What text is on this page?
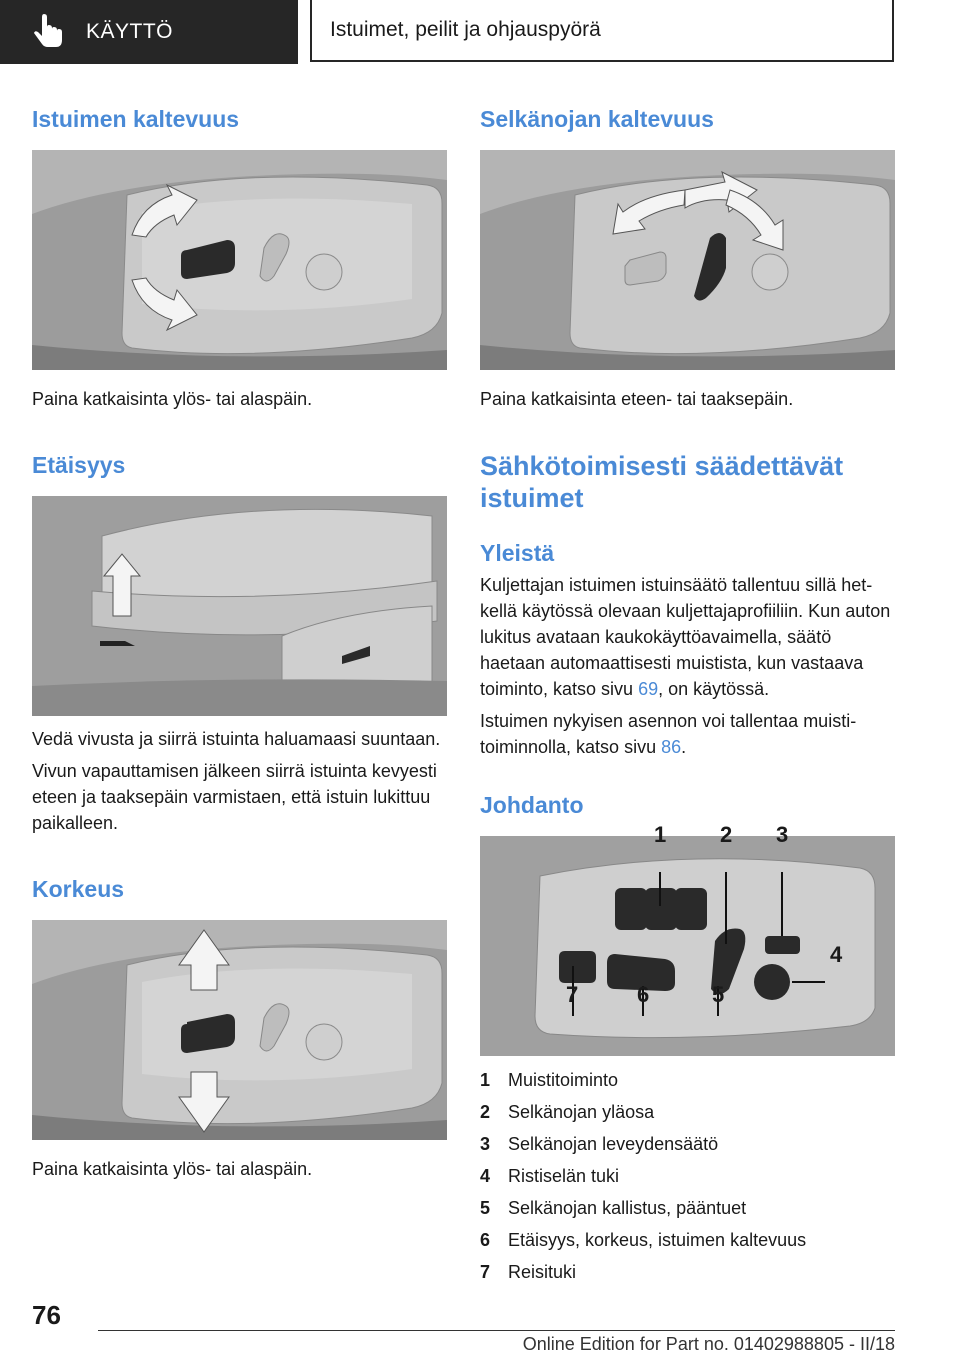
KÄYTTÖ	Istuimet, peilit ja ohjauspyörä
Istuimen kaltevuus

Paina katkaisinta ylös- tai alaspäin.

Etäisyys

Vedä vivusta ja siirrä istuinta haluamaasi suuntaan.

Vivun vapauttamisen jälkeen siirrä istuinta kevyesti eteen ja taaksepäin varmistaen, että istuin lukittuu paikalleen.

Korkeus

Paina katkaisinta ylös- tai alaspäin.

Selkänojan kaltevuus

Paina katkaisinta eteen- tai taaksepäin.

Sähkötoimisesti säädettävät istuimet
Yleistä

Kuljettajan istuimen istuinsäätö tallentuu sillä hetkellä käytössä olevaan kuljettajaprofiiliin. Kun auton lukitus avataan kaukokäyttöavaimella, säätö haetaan automaattisesti muistista, kun vastaava toiminto, katso sivu 69, on käytössä.

Istuimen nykyisen asennon voi tallentaa muistitoiminnolla, katso sivu 86.

Johdanto
1 2 3
4
5
6
7
1 Muistitoiminto
2 Selkänojan yläosa
3 Selkänojan leveydensäätö
4 Ristiselän tuki
5 Selkänojan kallistus, pääntuet
6 Etäisyys, korkeus, istuimen kaltevuus
7 Reisituki
76
Online Edition for Part no. 01402988805 - II/18
